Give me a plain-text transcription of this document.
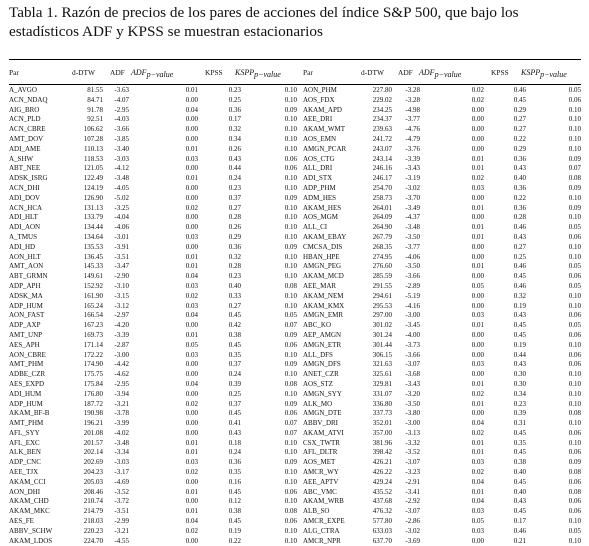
Tabla 1. Razón de precios de los pares de acciones del índice S&P 500, que bajo los estadísticos ADF y KPSS se muestran estacionarios
Par	d-DTW ADF $ADF_{p-value}$	KPSS $KSPP_{p-value}$	Par	d-DTW ADF $ADF_{p-value}$	KPSS $KSPP_{p-value}$
A_AVGO	81.55	-3.63	0.01	0.23	0.10 AON_PHM	227.80	-3.28	0.02	0.46	0.05
ACN_NDAQ	84.71	-4.07	0.00	0.25	0.10 AOS_FDX	229.02	-3.28	0.02	0.45	0.06
AIG_BRO	91.78	-2.95	0.04	0.36	0.09 AKAM_APD	234.25	-4.98	0.00	0.29	0.10
ACN_PLD	92.51	-4.03	0.00	0.17	0.10 AEE_DRI	234.37	-3.77	0.00	0.27	0.10
ACN_CBRE	106.62	-3.66	0.00	0.32	0.10 AKAM_WMT	239.63	-4.76	0.00	0.27	0.10
AMT_DOV	107.28	-3.85	0.00	0.34	0.10 AOS_EMN	241.72	-4.79	0.00	0.22	0.10
ADI_AME	110.13	-3.40	0.01	0.26	0.10 AMGN_PCAR	243.07	-3.76	0.00	0.29	0.10
A_SHW	118.53	-3.03	0.03	0.43	0.06 AOS_CTG	243.14	-3.39	0.01	0.36	0.09
ABT_NEE	121.05	-4.12	0.00	0.44	0.06 ALL_DRI	246.16	-3.43	0.01	0.43	0.07
ADSK_ISRG	122.49	-3.48	0.01	0.24	0.10 ADI_STX	246.17	-3.19	0.02	0.40	0.08
ACN_DHI	124.19	-4.05	0.00	0.23	0.10 ADP_PHM	254.70	-3.02	0.03	0.36	0.09
ADI_DOV	126.90	-5.02	0.00	0.37	0.09 ADM_HES	258.73	-3.70	0.00	0.22	0.10
ACN_HCA	131.13	-3.25	0.02	0.27	0.10 AKAM_HES	264.01	-3.49	0.01	0.36	0.09
ADI_HLT	133.79	-4.04	0.00	0.28	0.10 AOS_MGM	264.09	-4.37	0.00	0.28	0.10
ADI_AON	134.44	-4.06	0.00	0.26	0.10 ALL_CI	264.90	-3.48	0.01	0.46	0.05
A_TMUS	134.64	-3.01	0.03	0.29	0.10 AKAM_EBAY	267.79	-3.50	0.01	0.43	0.06
ADI_HD	135.53	-3.91	0.00	0.36	0.09 CMCSA_DIS	268.35	-3.77	0.00	0.27	0.10
AON_HLT	136.45	-3.51	0.01	0.32	0.10 HBAN_HPE	274.95	-4.06	0.00	0.25	0.10
AMT_AON	145.33	-3.47	0.01	0.28	0.10 AMGN_PEG	276.60	-3.50	0.01	0.46	0.05
ABT_GRMN	149.61	-2.90	0.04	0.23	0.10 AKAM_MCD	285.59	-3.66	0.00	0.45	0.06
ADP_APH	152.92	-3.10	0.03	0.40	0.08 AEE_MAR	291.55	-2.89	0.05	0.46	0.05
ADSK_MA	161.90	-3.15	0.02	0.33	0.10 AKAM_NEM	294.61	-5.19	0.00	0.32	0.10
ADP_HUM	165.24	-3.12	0.03	0.27	0.10 AKAM_KMX	295.53	-4.16	0.00	0.19	0.10
AON_FAST	166.54	-2.97	0.04	0.45	0.05 AMGN_EMR	297.00	-3.00	0.03	0.43	0.06
ADP_AXP	167.23	-4.20	0.00	0.42	0.07 ABC_KO	301.02	-3.45	0.01	0.45	0.05
AMT_UNP	169.73	-3.39	0.01	0.38	0.09 AEP_AMGN	301.24	-4.00	0.00	0.45	0.06
AES_APH	171.14	-2.87	0.05	0.45	0.06 AMGN_ETR	301.44	-3.73	0.00	0.19	0.10
AON_CBRE	172.22	-3.00	0.03	0.35	0.10 ALL_DFS	306.15	-3.66	0.00	0.44	0.06
AMT_PHM	174.90	-4.42	0.00	0.37	0.09 AMGN_DFS	321.63	-3.07	0.03	0.43	0.06
ADBE_CZR	175.75	-4.62	0.00	0.24	0.10 ANET_CZR	325.61	-3.68	0.00	0.30	0.10
AES_EXPD	175.84	-2.95	0.04	0.39	0.08 AOS_STZ	329.81	-3.43	0.01	0.30	0.10
ADI_HUM	176.80	-3.94	0.00	0.25	0.10 AMGN_SYY	331.07	-3.20	0.02	0.34	0.10
ADP_HUM	187.72	-3.21	0.02	0.37	0.09 ALK_MO	336.80	-3.50	0.01	0.23	0.10
AKAM_BF-B	190.98	-3.78	0.00	0.45	0.06 AMGN_DTE	337.73	-3.80	0.00	0.39	0.08
AMT_PHM	196.21	-3.99	0.00	0.41	0.07 ABBV_DRI	352.01	-3.00	0.04	0.31	0.10
AFL_SYY	201.08	-4.02	0.00	0.43	0.07 AKAM_ATVI	357.00	-3.13	0.02	0.45	0.06
AFL_EXC	201.57	-3.48	0.01	0.18	0.10 CSX_TWTR	381.96	-3.32	0.01	0.35	0.10
ALK_BEN	202.14	-3.34	0.01	0.24	0.10 AFL_DLTR	398.42	-3.52	0.01	0.45	0.06
ADP_CNC	202.69	-3.03	0.03	0.36	0.09 AOS_MET	426.21	-3.07	0.03	0.38	0.09
AEE_TJX	204.23	-3.17	0.02	0.35	0.10 AMCR_WY	426.22	-3.23	0.02	0.40	0.08
AKAM_CCI	205.03	-4.69	0.00	0.16	0.10 AEE_APTV	429.24	-2.91	0.04	0.45	0.06
AON_DHI	208.46	-3.52	0.01	0.45	0.06 ABC_VMC	435.52	-3.41	0.01	0.40	0.08
AKAM_CHD	210.74	-3.72	0.00	0.12	0.10 AKAM_WRB	437.68	-2.92	0.04	0.43	0.06
AKAM_MKC	214.79	-3.51	0.01	0.38	0.08 ALB_SO	476.32	-3.07	0.03	0.45	0.06
AES_FE	218.03	-2.99	0.04	0.45	0.06 AMCR_EXPE	577.80	-2.86	0.05	0.17	0.10
ABBV_SCHW	220.23	-3.21	0.02	0.19	0.10 ALG_CTRA	633.03	-3.02	0.03	0.46	0.05
AKAM_LDOS	224.70	-4.55	0.00	0.22	0.10 AMCR_NPR	637.70	-3.69	0.00	0.21	0.10
